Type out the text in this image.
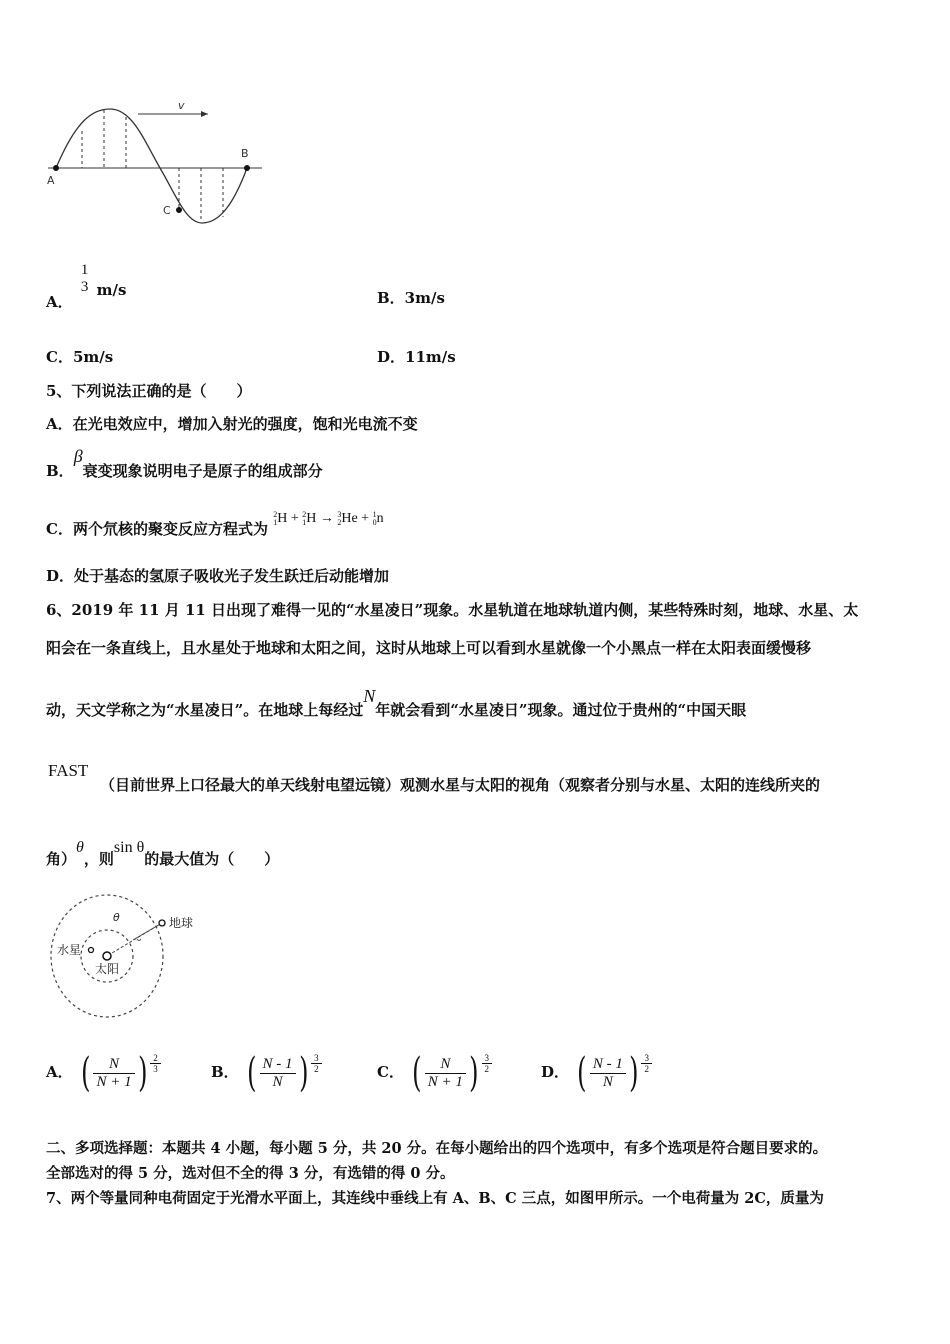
v
A
B
C
A．
1
3 m/s	B．3m/s
C．5m/s	D．11m/s
5、下列说法正确的是（　　）
A．在光电效应中，增加入射光的强度，饱和光电流不变
B．β衰变现象说明电子是原子的组成部分
C．两个氘核的聚变反应方程式为 2
1H + 2
1H → 3
2He + 1
0n
D．处于基态的氢原子吸收光子发生跃迁后动能增加
6、2019 年 11 月 11 日出现了难得一见的“水星凌日”现象。水星轨道在地球轨道内侧，某些特殊时刻，地球、水星、太
阳会在一条直线上，且水星处于地球和太阳之间，这时从地球上可以看到水星就像一个小黑点一样在太阳表面缓慢移
动，天文学称之为“水星凌日”。在地球上每经过N年就会看到“水星凌日”现象。通过位于贵州的“中国天眼
FAST
（目前世界上口径最大的单天线射电望远镜）观测水星与太阳的视角（观察者分别与水星、太阳的连线所夹的
角）θ，则sin θ的最大值为（　　）
θ	地球
水星
太阳
A． ( $\frac{N}{N + 1}$ ) $\frac{2}{3}$	B． ( $\frac{N - 1}{N}$ ) $\frac{3}{2}$	C． ( $\frac{N}{N + 1}$ ) $\frac{3}{2}$	D． ( $\frac{N - 1}{N}$ ) $\frac{3}{2}$
二、多项选择题：本题共 4 小题，每小题 5 分，共 20 分。在每小题给出的四个选项中，有多个选项是符合题目要求的。
全部选对的得 5 分，选对但不全的得 3 分，有选错的得 0 分。
7、两个等量同种电荷固定于光滑水平面上，其连线中垂线上有 A、B、C 三点，如图甲所示。一个电荷量为 2C，质量为
